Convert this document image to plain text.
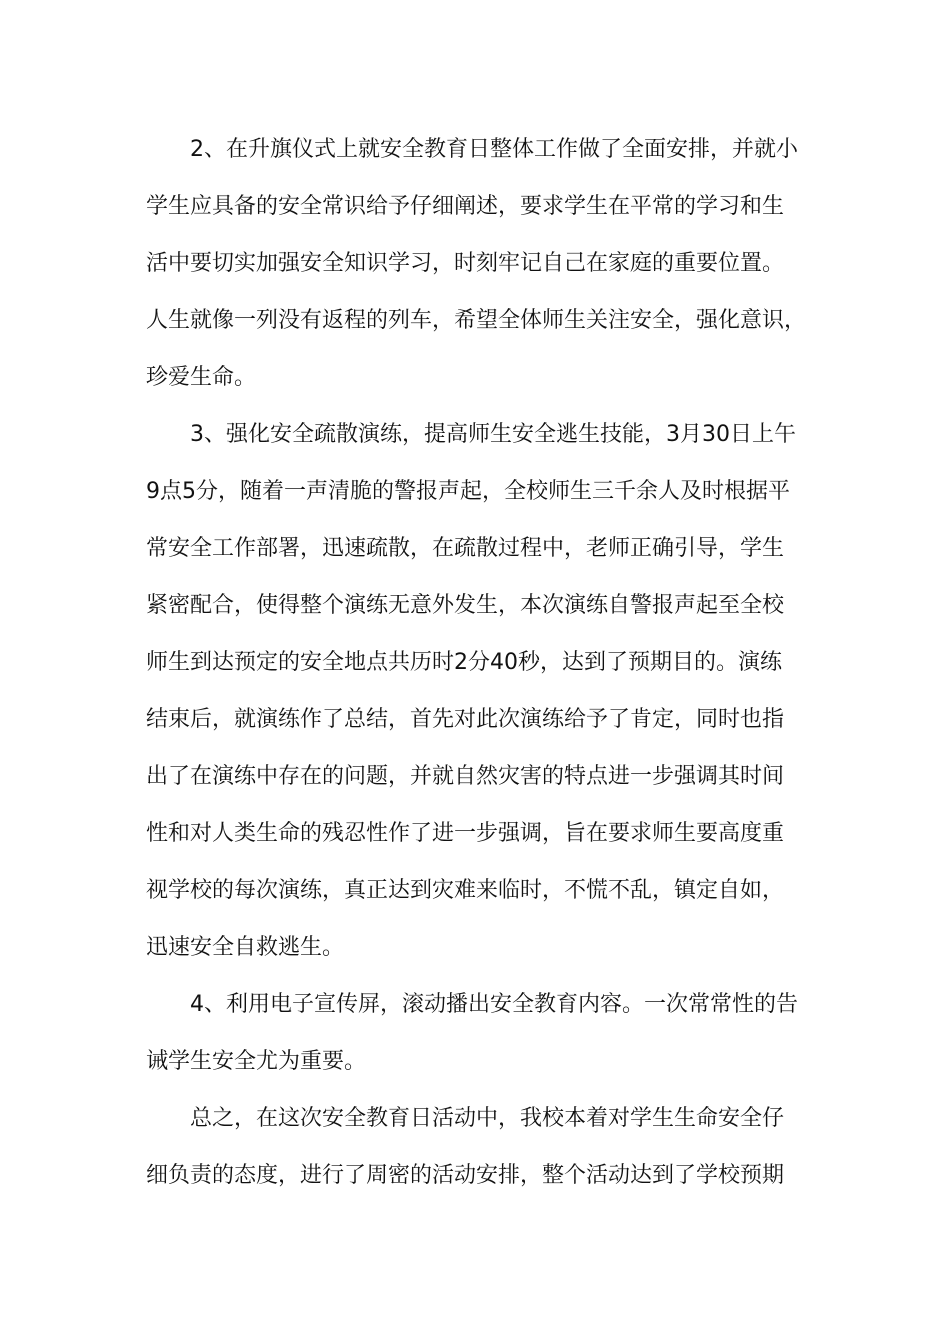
2、在升旗仪式上就安全教育日整体工作做了全面安排，并就小
学生应具备的安全常识给予仔细阐述，要求学生在平常的学习和生
活中要切实加强安全知识学习，时刻牢记自己在家庭的重要位置。
人生就像一列没有返程的列车，希望全体师生关注安全，强化意识，
珍爱生命。
3、强化安全疏散演练，提高师生安全逃生技能，3月30日上午
9点5分，随着一声清脆的警报声起，全校师生三千余人及时根据平
常安全工作部署，迅速疏散，在疏散过程中，老师正确引导，学生
紧密配合，使得整个演练无意外发生，本次演练自警报声起至全校
师生到达预定的安全地点共历时2分40秒，达到了预期目的。演练
结束后，就演练作了总结，首先对此次演练给予了肯定，同时也指
出了在演练中存在的问题，并就自然灾害的特点进一步强调其时间
性和对人类生命的残忍性作了进一步强调，旨在要求师生要高度重
视学校的每次演练，真正达到灾难来临时，不慌不乱，镇定自如，
迅速安全自救逃生。
4、利用电子宣传屏，滚动播出安全教育内容。一次常常性的告
诫学生安全尤为重要。
总之，在这次安全教育日活动中，我校本着对学生生命安全仔
细负责的态度，进行了周密的活动安排，整个活动达到了学校预期
